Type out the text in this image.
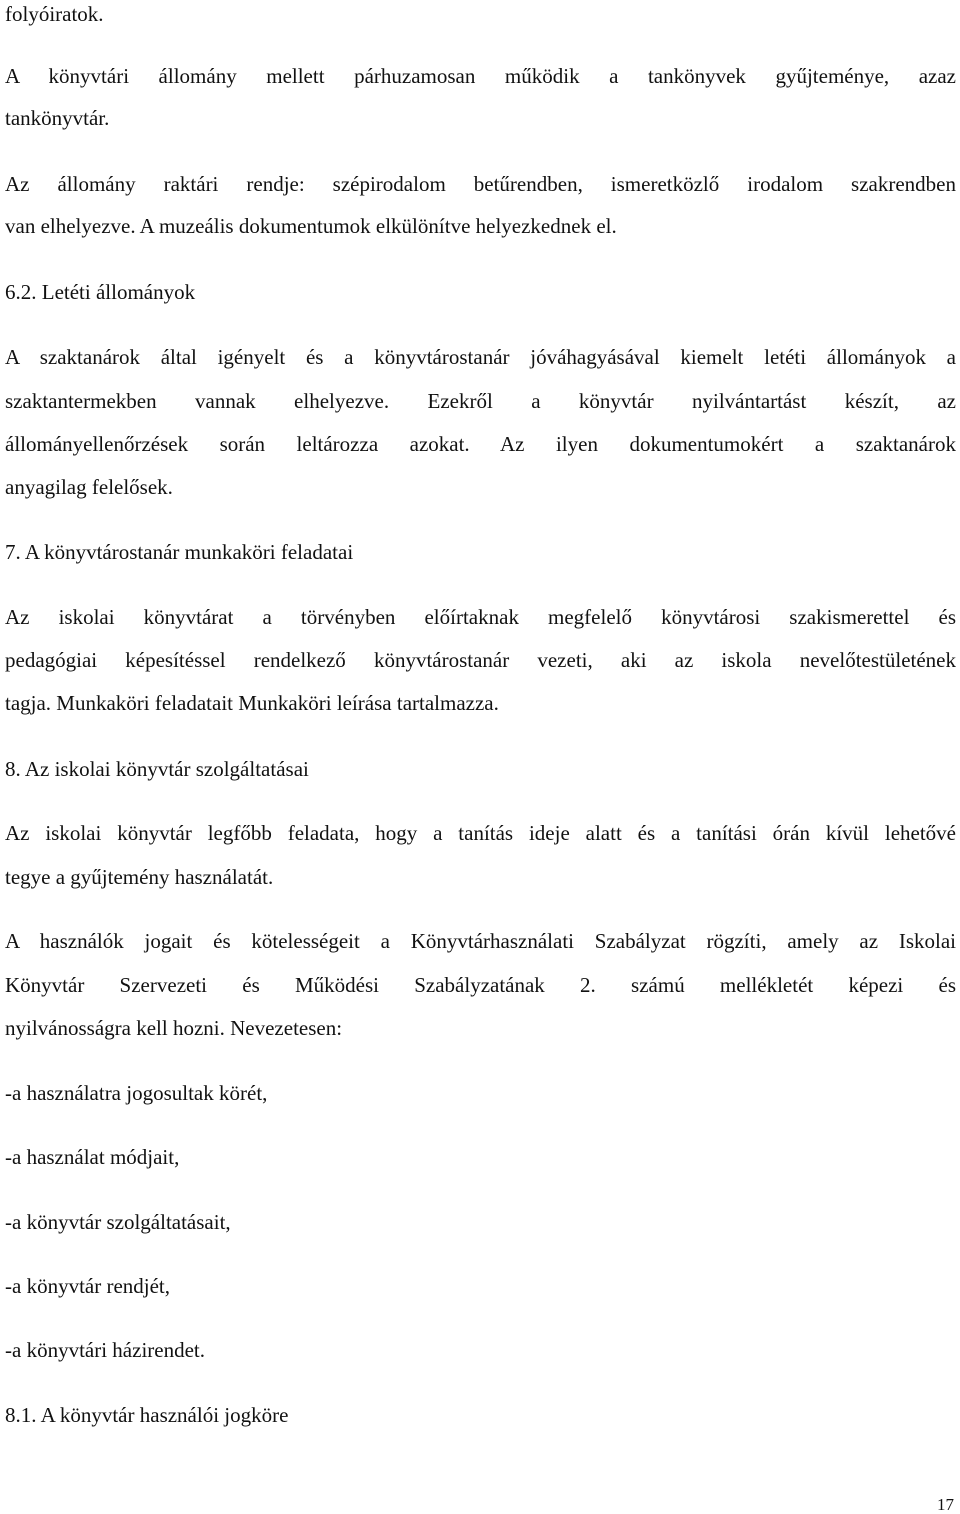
folyóiratok.
A könyvtári állomány mellett párhuzamosan működik a tankönyvek gyűjteménye, azaz
tankönyvtár.
Az állomány raktári rendje: szépirodalom betűrendben, ismeretközlő irodalom szakrendben
van elhelyezve. A muzeális dokumentumok elkülönítve helyezkednek el.
6.2. Letéti állományok
A szaktanárok által igényelt és a könyvtárostanár jóváhagyásával kiemelt letéti állományok a
szaktantermekben vannak elhelyezve. Ezekről a könyvtár nyilvántartást készít, az
állományellenőrzések során leltározza azokat. Az ilyen dokumentumokért a szaktanárok
anyagilag felelősek.
7. A könyvtárostanár munkaköri feladatai
Az iskolai könyvtárat a törvényben előírtaknak megfelelő könyvtárosi szakismerettel és
pedagógiai képesítéssel rendelkező könyvtárostanár vezeti, aki az iskola nevelőtestületének
tagja. Munkaköri feladatait Munkaköri leírása tartalmazza.
8. Az iskolai könyvtár szolgáltatásai
Az iskolai könyvtár legfőbb feladata, hogy a tanítás ideje alatt és a tanítási órán kívül lehetővé
tegye a gyűjtemény használatát.
A használók jogait és kötelességeit a Könyvtárhasználati Szabályzat rögzíti, amely az Iskolai
Könyvtár Szervezeti és Működési Szabályzatának 2. számú mellékletét képezi és
nyilvánosságra kell hozni. Nevezetesen:
-a használatra jogosultak körét,
-a használat módjait,
-a könyvtár szolgáltatásait,
-a könyvtár rendjét,
-a könyvtári házirendet.
8.1. A könyvtár használói jogköre
17
